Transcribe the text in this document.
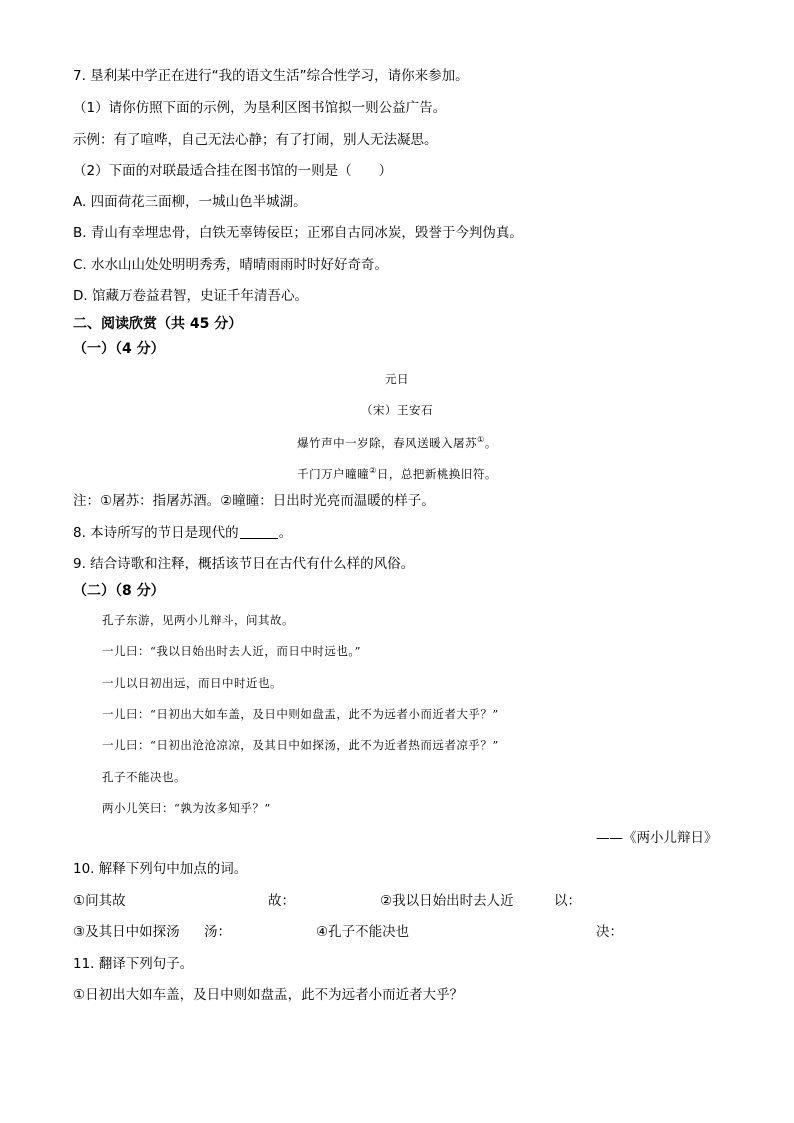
7. 垦利某中学正在进行“我的语文生活”综合性学习，请你来参加。
（1）请你仿照下面的示例，为垦利区图书馆拟一则公益广告。
示例：有了喧哗，自己无法心静；有了打闹，别人无法凝思。
（2）下面的对联最适合挂在图书馆的一则是（　　）
A. 四面荷花三面柳，一城山色半城湖。
B. 青山有幸埋忠骨，白铁无辜铸佞臣；正邪自古同冰炭，毁誉于今判伪真。
C. 水水山山处处明明秀秀，晴晴雨雨时时好好奇奇。
D. 馆藏万卷益君智，史证千年清吾心。
二、阅读欣赏（共 45 分）
（一）（4 分）
元日
（宋）王安石
爆竹声中一岁除，春风送暖入屠苏①。
千门万户曈曈②日，总把新桃换旧符。
注：①屠苏：指屠苏酒。②曈曈：日出时光亮而温暖的样子。
8. 本诗所写的节日是现代的	。
9. 结合诗歌和注释，概括该节日在古代有什么样的风俗。
（二）（8 分）
孔子东游，见两小儿辩斗，问其故。
一儿曰：“我以日始出时去人近，而日中时远也。”
一儿以日初出远，而日中时近也。
一儿曰：“日初出大如车盖，及日中则如盘盂，此不为远者小而近者大乎？”
一儿曰：“日初出沧沧凉凉，及其日中如探汤，此不为近者热而远者凉乎？”
孔子不能决也。
两小儿笑曰：“孰为汝多知乎？”
——《两小儿辩日》
10. 解释下列句中加点的词。
①问其故	故：	②我以日始出时去人近	以：
③及其日中如探汤 汤：	④孔子不能决也	决：
11. 翻译下列句子。
①日初出大如车盖，及日中则如盘盂，此不为远者小而近者大乎？
